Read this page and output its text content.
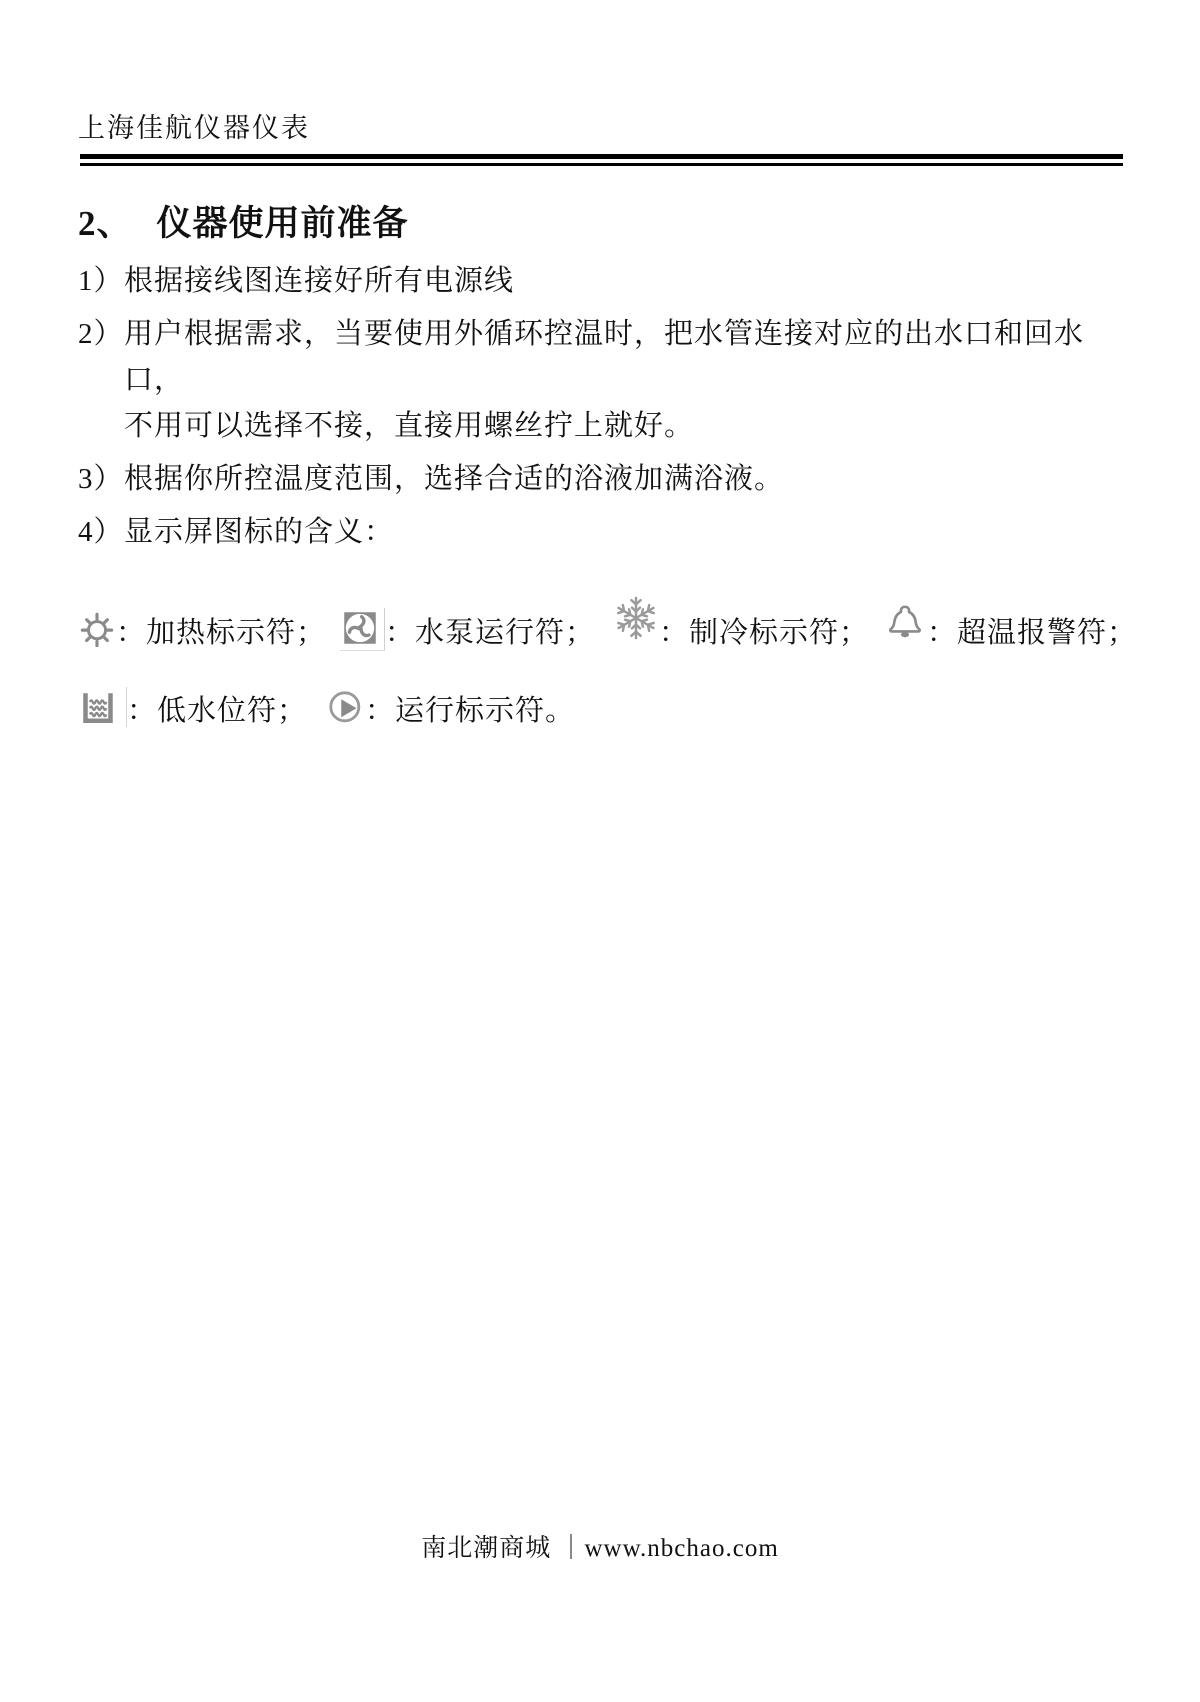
上海佳航仪器仪表
2、 仪器使用前准备
1） 根据接线图连接好所有电源线
2） 用户根据需求，当要使用外循环控温时，把水管连接对应的出水口和回水口，
不用可以选择不接，直接用螺丝拧上就好。
3） 根据你所控温度范围，选择合适的浴液加满浴液。
4） 显示屏图标的含义：
：加热标示符； ：水泵运行符； ：制冷标示符； ：超温报警符；
：低水位符； ：运行标示符。
南北潮商城 ｜www.nbchao.com
